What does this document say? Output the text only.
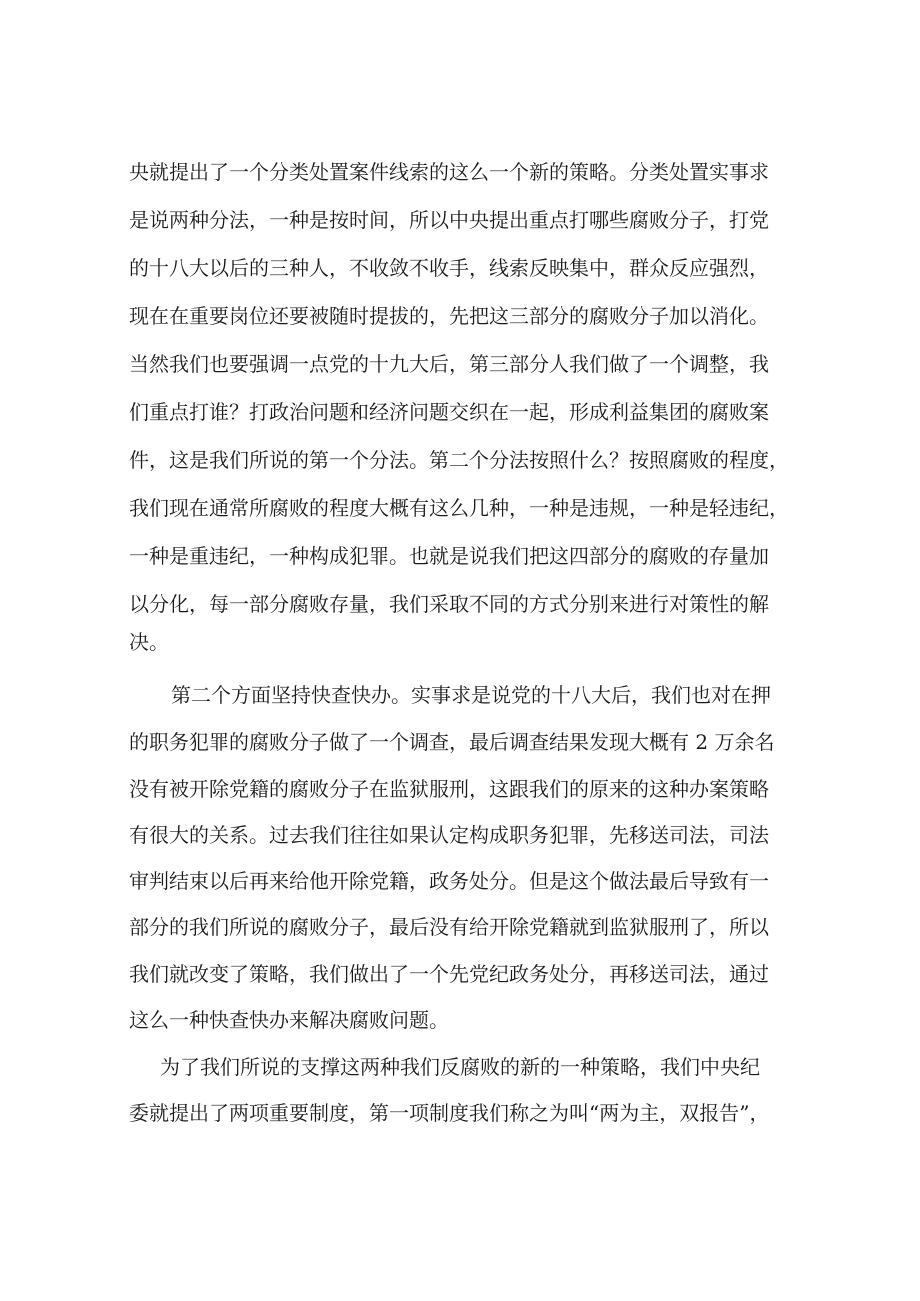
央就提出了一个分类处置案件线索的这么一个新的策略。分类处置实事求
是说两种分法，一种是按时间，所以中央提出重点打哪些腐败分子，打党
的十八大以后的三种人，不收敛不收手，线索反映集中，群众反应强烈，
现在在重要岗位还要被随时提拔的，先把这三部分的腐败分子加以消化。
当然我们也要强调一点党的十九大后，第三部分人我们做了一个调整，我
们重点打谁？打政治问题和经济问题交织在一起，形成利益集团的腐败案
件，这是我们所说的第一个分法。第二个分法按照什么？按照腐败的程度，
我们现在通常所腐败的程度大概有这么几种，一种是违规，一种是轻违纪，
一种是重违纪，一种构成犯罪。也就是说我们把这四部分的腐败的存量加
以分化，每一部分腐败存量，我们采取不同的方式分别来进行对策性的解
决。
第二个方面坚持快查快办。实事求是说党的十八大后，我们也对在押
的职务犯罪的腐败分子做了一个调查，最后调查结果发现大概有 2 万余名
没有被开除党籍的腐败分子在监狱服刑，这跟我们的原来的这种办案策略
有很大的关系。过去我们往往如果认定构成职务犯罪，先移送司法，司法
审判结束以后再来给他开除党籍，政务处分。但是这个做法最后导致有一
部分的我们所说的腐败分子，最后没有给开除党籍就到监狱服刑了，所以
我们就改变了策略，我们做出了一个先党纪政务处分，再移送司法，通过
这么一种快查快办来解决腐败问题。
为了我们所说的支撑这两种我们反腐败的新的一种策略，我们中央纪
委就提出了两项重要制度，第一项制度我们称之为叫“两为主，双报告”，
